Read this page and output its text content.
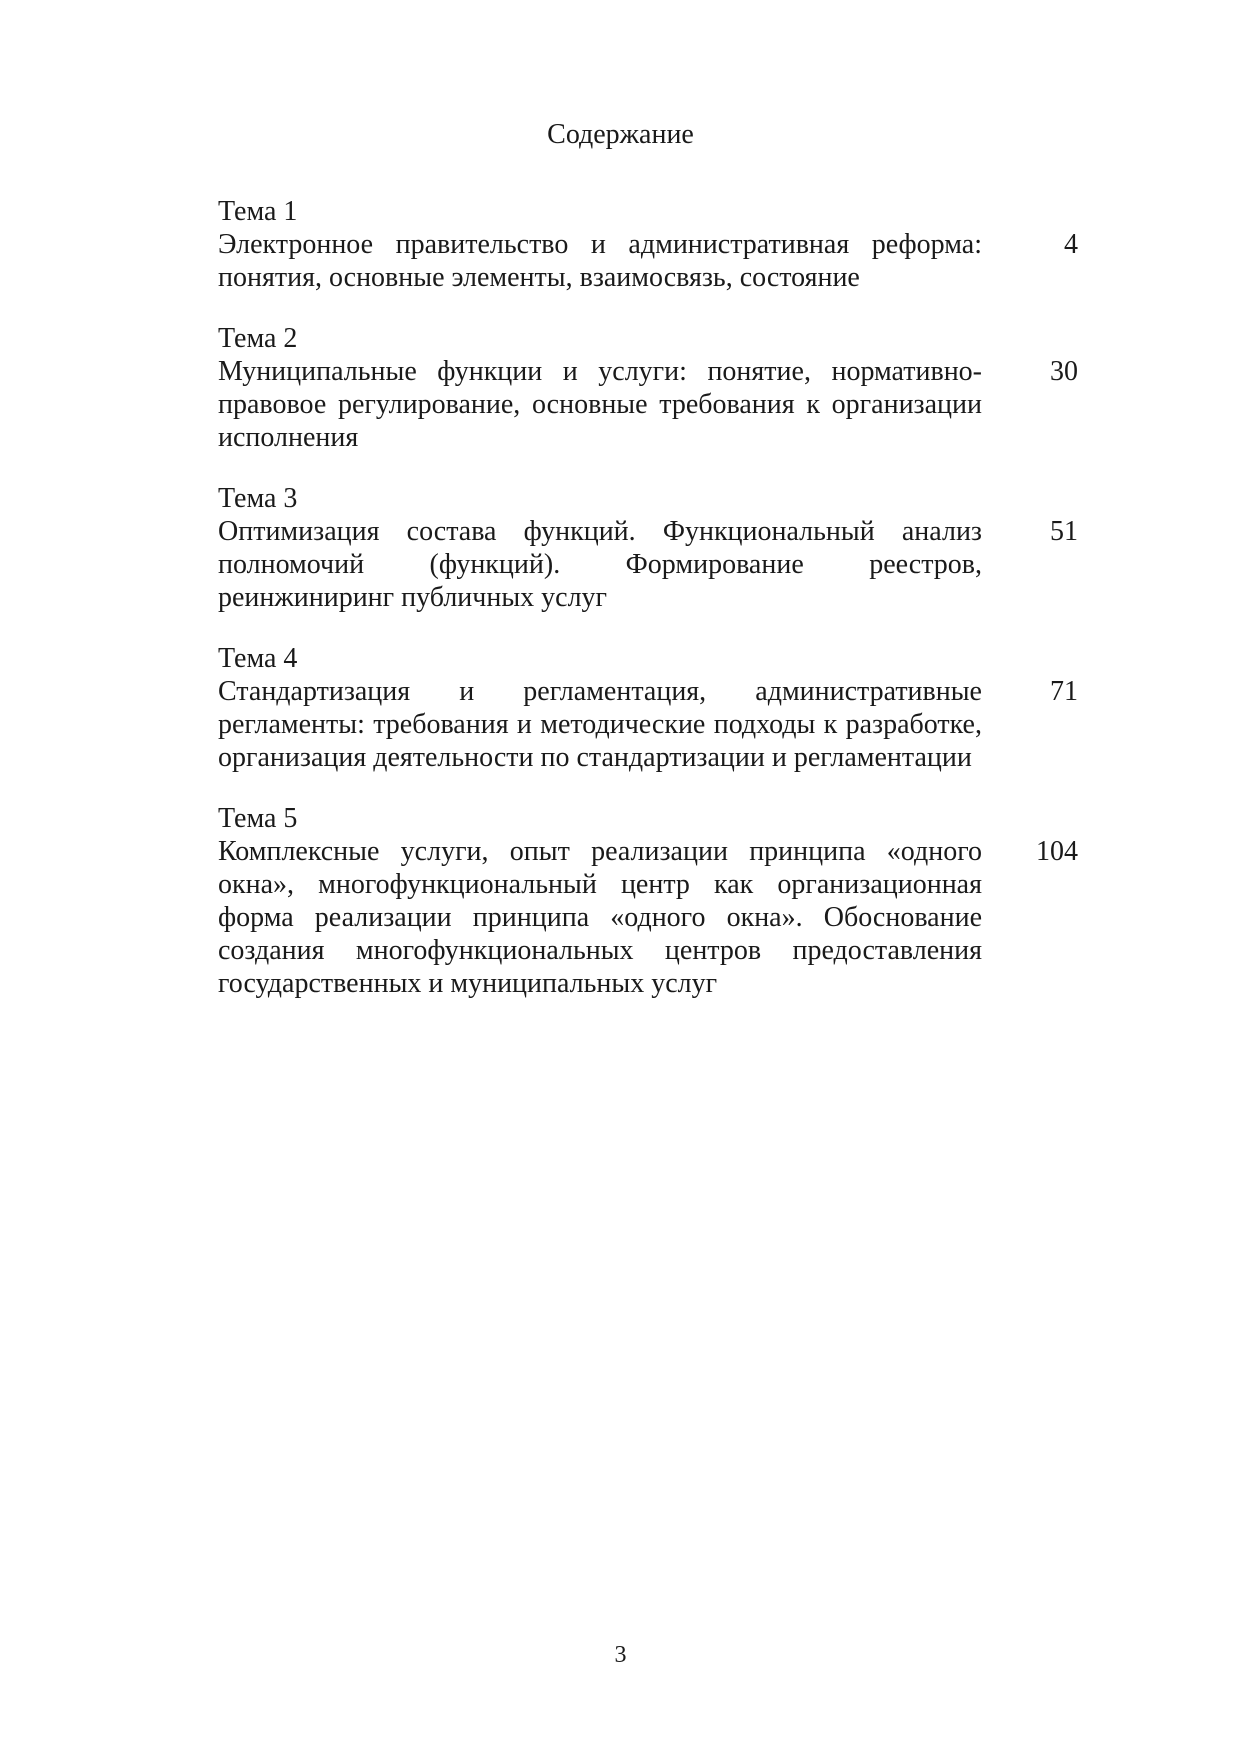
Содержание
Тема 1
Электронное правительство и административная реформа: понятия, основные элементы, взаимосвязь, состояние
4
Тема 2
Муниципальные функции и услуги: понятие, нормативно-правовое регулирование, основные требования к организации исполнения
30
Тема 3
Оптимизация состава функций. Функциональный анализ полномочий (функций). Формирование реестров, реинжиниринг публичных услуг
51
Тема 4
Стандартизация и регламентация, административные регламенты: требования и методические подходы к разработке, организация деятельности по стандартизации и регламентации
71
Тема 5
Комплексные услуги, опыт реализации принципа «одного окна», многофункциональный центр как организационная форма реализации принципа «одного окна». Обоснование создания многофункциональных центров предоставления государственных и муниципальных услуг
104
3
